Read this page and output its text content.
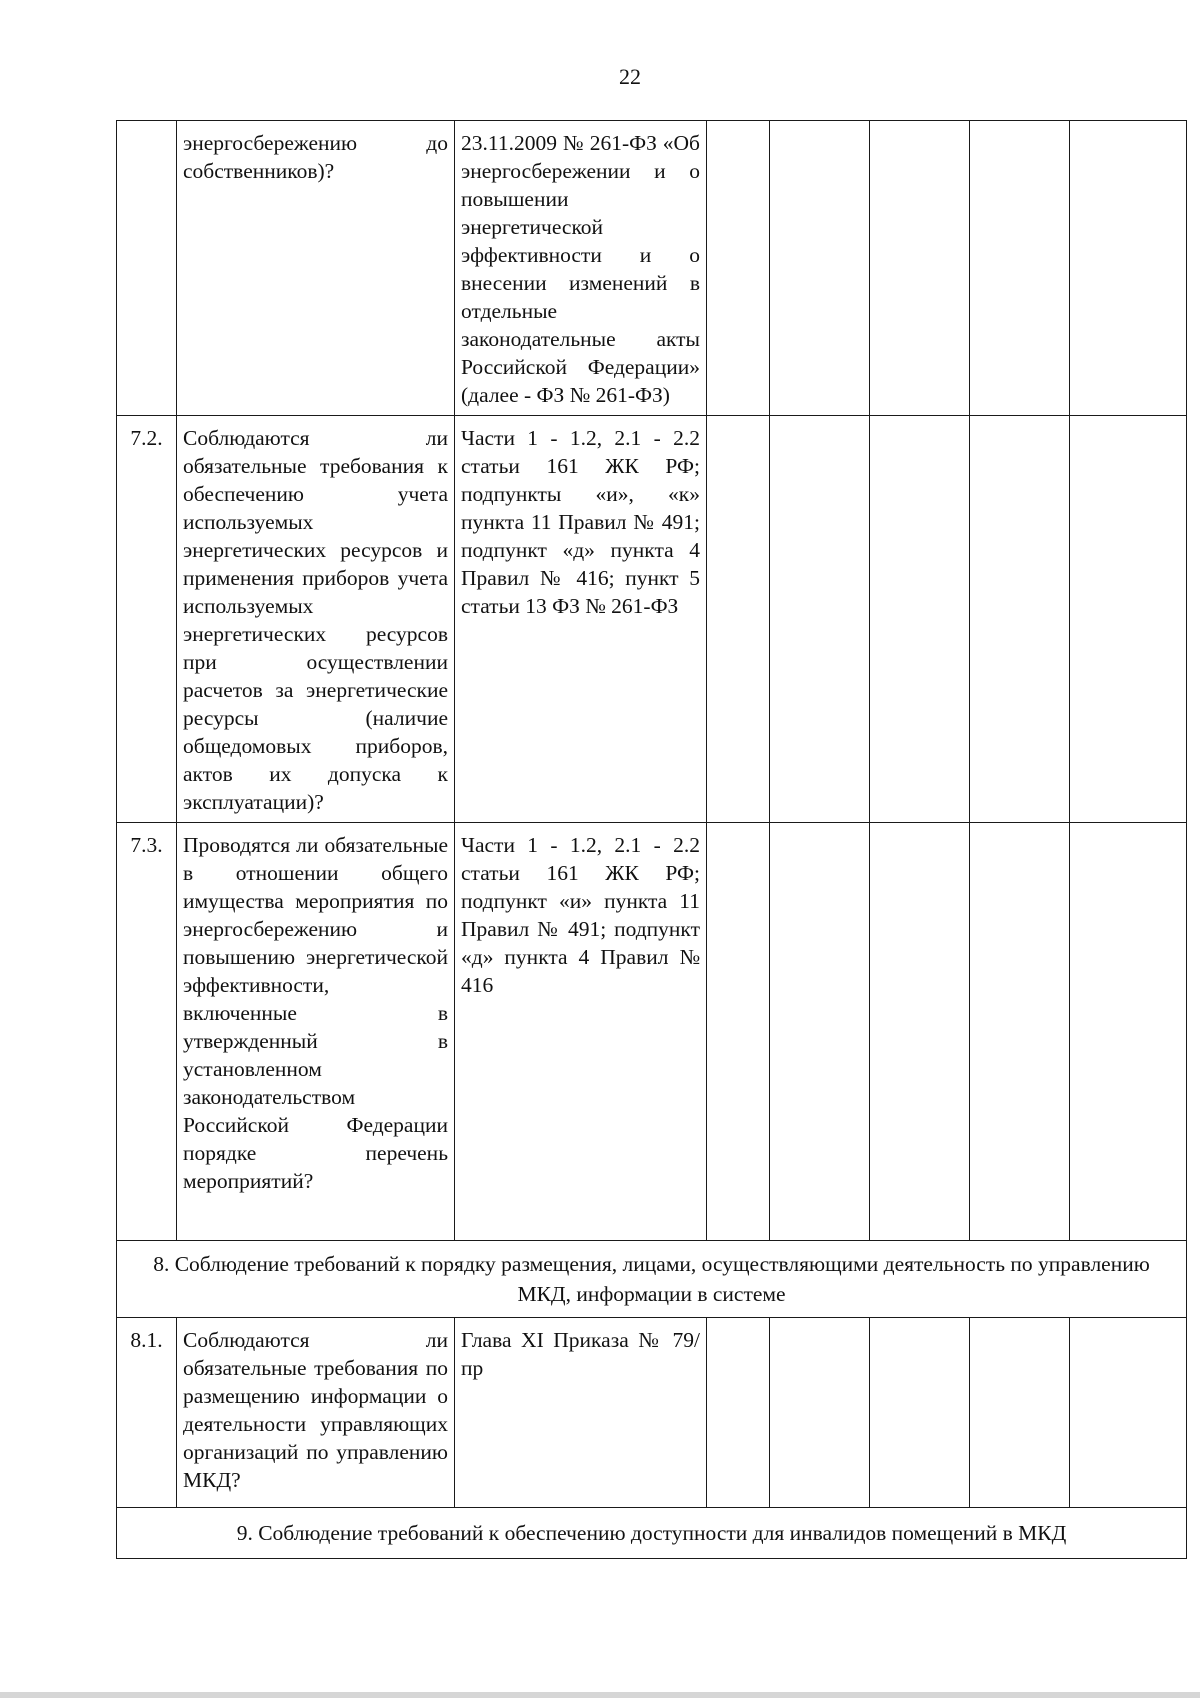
22
	энергосбережению до собственников)?	23.11.2009 № 261-ФЗ «Об энергосбережении и о повышении энергетической эффективности и о внесении изменений в отдельные законодательные акты Российской Федерации» (далее - ФЗ № 261-ФЗ)					
7.2.	Соблюдаются ли обязательные требования к обеспечению учета используемых энергетических ресурсов и применения приборов учета используемых энергетических ресурсов при осуществлении расчетов за энергетические ресурсы (наличие общедомовых приборов, актов их допуска к эксплуатации)?	Части 1 - 1.2, 2.1 - 2.2 статьи 161 ЖК РФ; подпункты «и», «к» пункта 11 Правил № 491; подпункт «д» пункта 4 Правил № 416; пункт 5 статьи 13 ФЗ № 261-ФЗ					
7.3.	Проводятся ли обязательные в отношении общего имущества мероприятия по энергосбережению и повышению энергетической эффективности, включенные в утвержденный в установленном законодательством Российской Федерации порядке перечень мероприятий?	Части 1 - 1.2, 2.1 - 2.2 статьи 161 ЖК РФ; подпункт «и» пункта 11 Правил № 491; подпункт «д» пункта 4 Правил № 416					
8. Соблюдение требований к порядку размещения, лицами, осуществляющими деятельность по управлению МКД, информации в системе							
8.1.	Соблюдаются ли обязательные требования по размещению информации о деятельности управляющих организаций по управлению МКД?	Глава XI Приказа № 79/пр					
9. Соблюдение требований к обеспечению доступности для инвалидов помещений в МКД							
